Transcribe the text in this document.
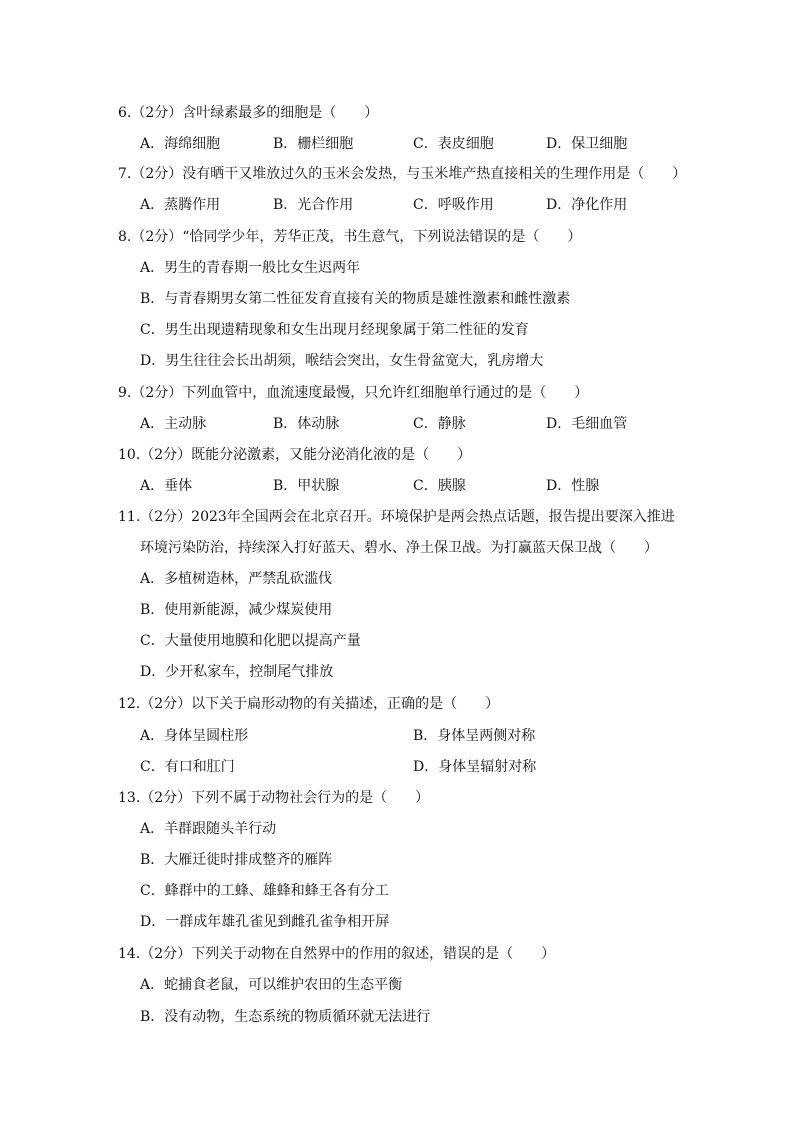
6.（2分）含叶绿素最多的细胞是（　　）
A．海绵细胞	B．栅栏细胞	C．表皮细胞	D．保卫细胞
7.（2分）没有晒干又堆放过久的玉米会发热，与玉米堆产热直接相关的生理作用是（　　）
A．蒸腾作用	B．光合作用	C．呼吸作用	D．净化作用
8.（2分）“恰同学少年，芳华正茂，书生意气，下列说法错误的是（　　）
A．男生的青春期一般比女生迟两年
B．与青春期男女第二性征发育直接有关的物质是雄性激素和雌性激素
C．男生出现遗精现象和女生出现月经现象属于第二性征的发育
D．男生往往会长出胡须，喉结会突出，女生骨盆宽大，乳房增大
9.（2分）下列血管中，血流速度最慢，只允许红细胞单行通过的是（　　）
A．主动脉	B．体动脉	C．静脉	D．毛细血管
10.（2分）既能分泌激素，又能分泌消化液的是（　　）
A．垂体	B．甲状腺	C．胰腺	D．性腺
11.（2分）2023年全国两会在北京召开。环境保护是两会热点话题，报告提出要深入推进
环境污染防治，持续深入打好蓝天、碧水、净土保卫战。为打赢蓝天保卫战（　　）
A．多植树造林，严禁乱砍滥伐
B．使用新能源，减少煤炭使用
C．大量使用地膜和化肥以提高产量
D．少开私家车，控制尾气排放
12.（2分）以下关于扁形动物的有关描述，正确的是（　　）
A．身体呈圆柱形	B．身体呈两侧对称
C．有口和肛门	D．身体呈辐射对称
13.（2分）下列不属于动物社会行为的是（　　）
A．羊群跟随头羊行动
B．大雁迁徙时排成整齐的雁阵
C．蜂群中的工蜂、雄蜂和蜂王各有分工
D．一群成年雄孔雀见到雌孔雀争相开屏
14.（2分）下列关于动物在自然界中的作用的叙述，错误的是（　　）
A．蛇捕食老鼠，可以维护农田的生态平衡
B．没有动物，生态系统的物质循环就无法进行
